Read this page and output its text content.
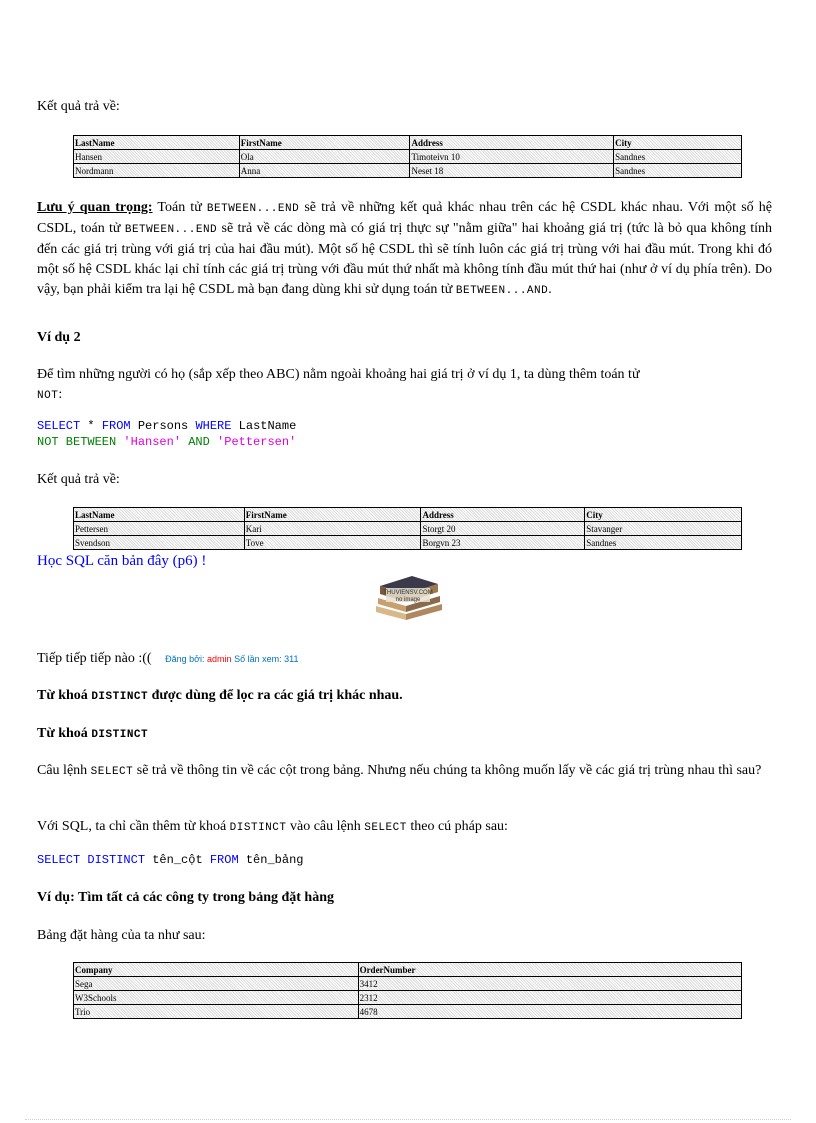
Kết quả trả về:

LastName	FirstName	Address	City
Hansen	Ola	Timoteivn 10	Sandnes
Nordmann	Anna	Neset 18	Sandnes

Lưu ý quan trọng: Toán tử BETWEEN...END sẽ trả về những kết quả khác nhau trên các hệ CSDL khác nhau. Với một số hệ CSDL, toán tử BETWEEN...END sẽ trả về các dòng mà có giá trị thực sự "nằm giữa" hai khoảng giá trị (tức là bỏ qua không tính đến các giá trị trùng với giá trị của hai đầu mút). Một số hệ CSDL thì sẽ tính luôn các giá trị trùng với hai đầu mút. Trong khi đó một số hệ CSDL khác lại chỉ tính các giá trị trùng với đầu mút thứ nhất mà không tính đầu mút thứ hai (như ở ví dụ phía trên). Do vậy, bạn phải kiểm tra lại hệ CSDL mà bạn đang dùng khi sử dụng toán tử BETWEEN...AND.

Ví dụ 2

Để tìm những người có họ (sắp xếp theo ABC) nằm ngoài khoảng hai giá trị ở ví dụ 1, ta dùng thêm toán tử
NOT:

SELECT * FROM Persons WHERE LastName
NOT BETWEEN 'Hansen' AND 'Pettersen'

Kết quả trả về:

LastName	FirstName	Address	City
Pettersen	Kari	Storgt 20	Stavanger
Svendson	Tove	Borgvn 23	Sandnes

Học SQL căn bản đây (p6) !

THUVIENSV.COM
no image

Tiếp tiếp tiếp nào :(( Đăng bởi: admin Số lần xem: 311

Từ khoá DISTINCT được dùng để lọc ra các giá trị khác nhau.

Từ khoá DISTINCT

Câu lệnh SELECT sẽ trả về thông tin về các cột trong bảng. Nhưng nếu chúng ta không muốn lấy về các giá trị trùng nhau thì sau?

Với SQL, ta chỉ cần thêm từ khoá DISTINCT vào câu lệnh SELECT theo cú pháp sau:

SELECT DISTINCT tên_cột FROM tên_bảng

Ví dụ: Tìm tất cả các công ty trong bảng đặt hàng

Bảng đặt hàng của ta như sau:

Company	OrderNumber
Sega	3412
W3Schools	2312
Trio	4678
